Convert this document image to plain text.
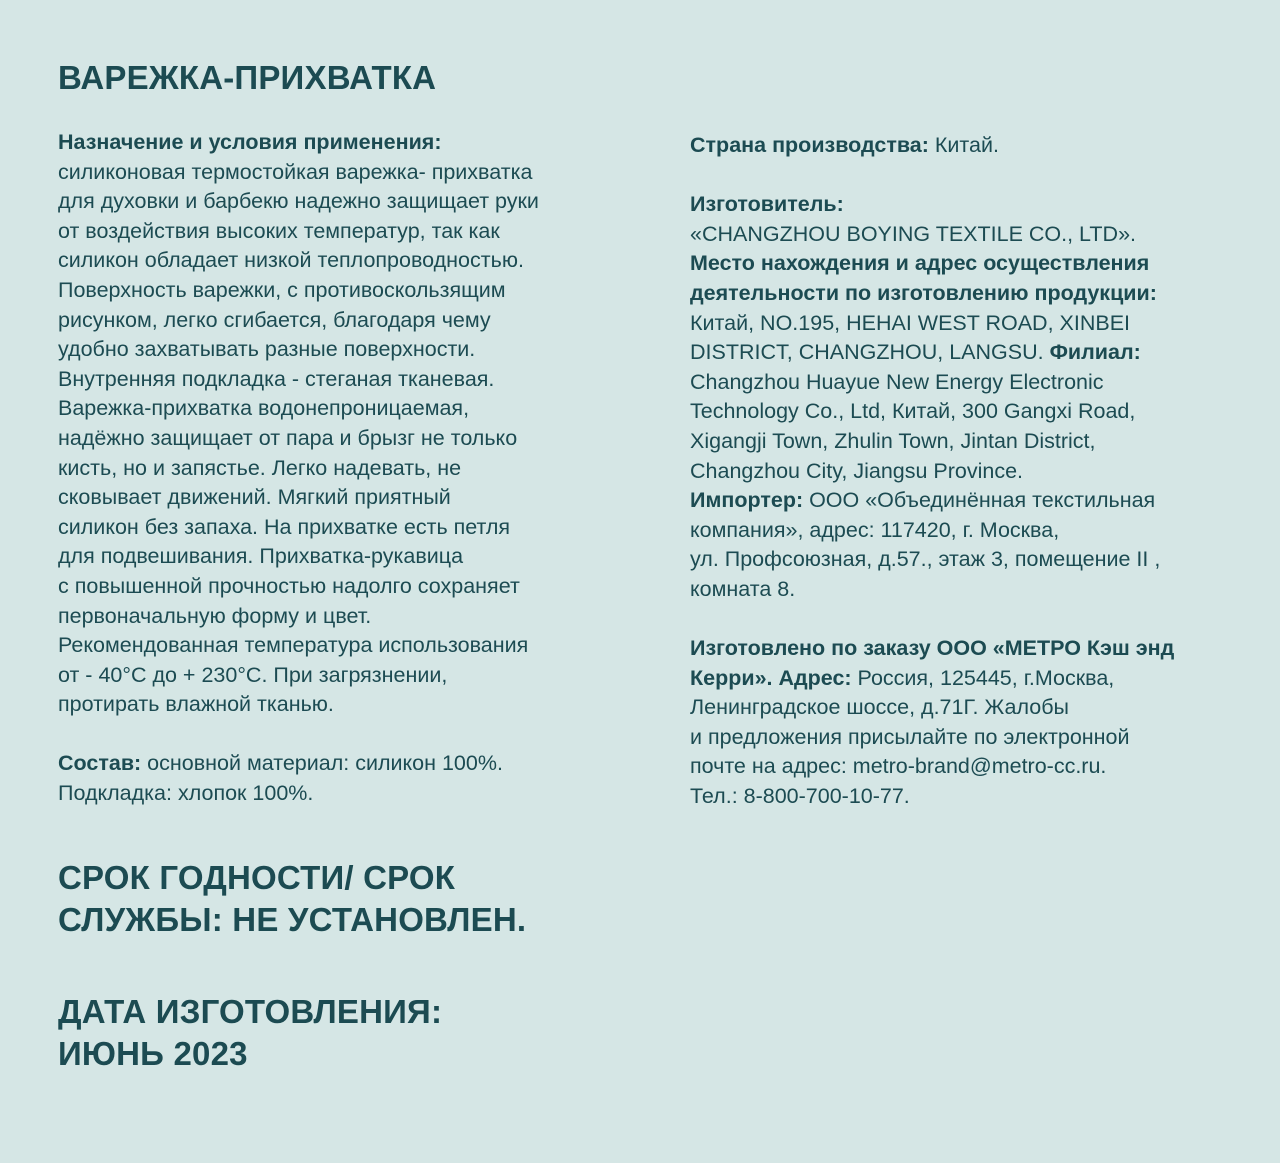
ВАРЕЖКА-ПРИХВАТКА
Назначение и условия применения:
силиконовая термостойкая варежка- прихватка
для духовки и барбекю надежно защищает руки
от воздействия высоких температур, так как
силикон обладает низкой теплопроводностью.
Поверхность варежки, с противоскользящим
рисунком, легко сгибается, благодаря чему
удобно захватывать разные поверхности.
Внутренняя подкладка - стеганая тканевая.
Варежка-прихватка водонепроницаемая,
надёжно защищает от пара и брызг не только
кисть, но и запястье. Легко надевать, не
сковывает движений. Мягкий приятный
силикон без запаха. На прихватке есть петля
для подвешивания. Прихватка-рукавица
с повышенной прочностью надолго сохраняет
первоначальную форму и цвет.
Рекомендованная температура использования
от - 40°C до + 230°C. При загрязнении,
протирать влажной тканью.
Состав: основной материал: силикон 100%.
Подкладка: хлопок 100%.

СРОК ГОДНОСТИ/ СРОК

СЛУЖБЫ: НЕ УСТАНОВЛЕН.

ДАТА ИЗГОТОВЛЕНИЯ:

ИЮНЬ 2023

Страна производства: Китай.
Изготовитель:
«CHANGZHOU BOYING TEXTILE CO., LTD».
Место нахождения и адрес осуществления
деятельности по изготовлению продукции:
Китай, NO.195, HEHAI WEST ROAD, XINBEI
DISTRICT, CHANGZHOU, LANGSU. Филиал:
Changzhou Huayue New Energy Electronic
Technology Co., Ltd, Китай, 300 Gangxi Road,
Xigangji Town, Zhulin Town, Jintan District,
Changzhou City, Jiangsu Province.
Импортер: ООО «Объединённая текстильная
компания», адрес: 117420, г. Москва,
ул. Профсоюзная, д.57., этаж 3, помещение II ,
комната 8.
Изготовлено по заказу ООО «МЕТРО Кэш энд
Керри». Адрес: Россия, 125445, г.Москва,
Ленинградское шоссе, д.71Г. Жалобы
и предложения присылайте по электронной
почте на адрес: metro-brand@metro-cc.ru.
Тел.: 8-800-700-10-77.
